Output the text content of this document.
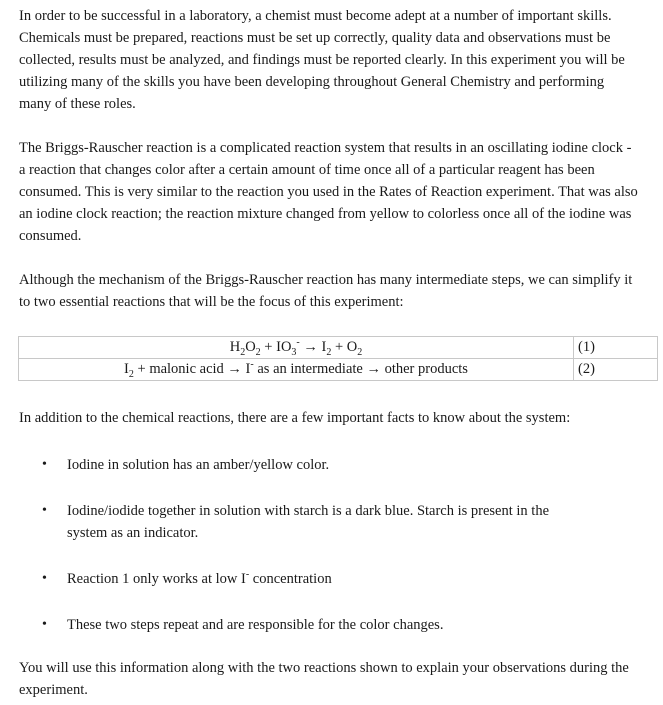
In order to be successful in a laboratory, a chemist must become adept at a number of important skills. Chemicals must be prepared, reactions must be set up correctly, quality data and observations must be collected, results must be analyzed, and findings must be reported clearly. In this experiment you will be utilizing many of the skills you have been developing throughout General Chemistry and performing many of these roles.

The Briggs-Rauscher reaction is a complicated reaction system that results in an oscillating iodine clock - a reaction that changes color after a certain amount of time once all of a particular reagent has been consumed. This is very similar to the reaction you used in the Rates of Reaction experiment. That was also an iodine clock reaction; the reaction mixture changed from yellow to colorless once all of the iodine was consumed.

Although the mechanism of the Briggs-Rauscher reaction has many intermediate steps, we can simplify it to two essential reactions that will be the focus of this experiment:

$H_2O_2 + IO_3^- \to I_2 + O_2$	(1)
$I_2$ + malonic acid → I- as an intermediate → other products	(2)

In addition to the chemical reactions, there are a few important facts to know about the system:

•	Iodine in solution has an amber/yellow color.
•	Iodine/iodide together in solution with starch is a dark blue. Starch is present in the system as an indicator.
•	Reaction 1 only works at low I- concentration
•	These two steps repeat and are responsible for the color changes.

You will use this information along with the two reactions shown to explain your observations during the experiment.
